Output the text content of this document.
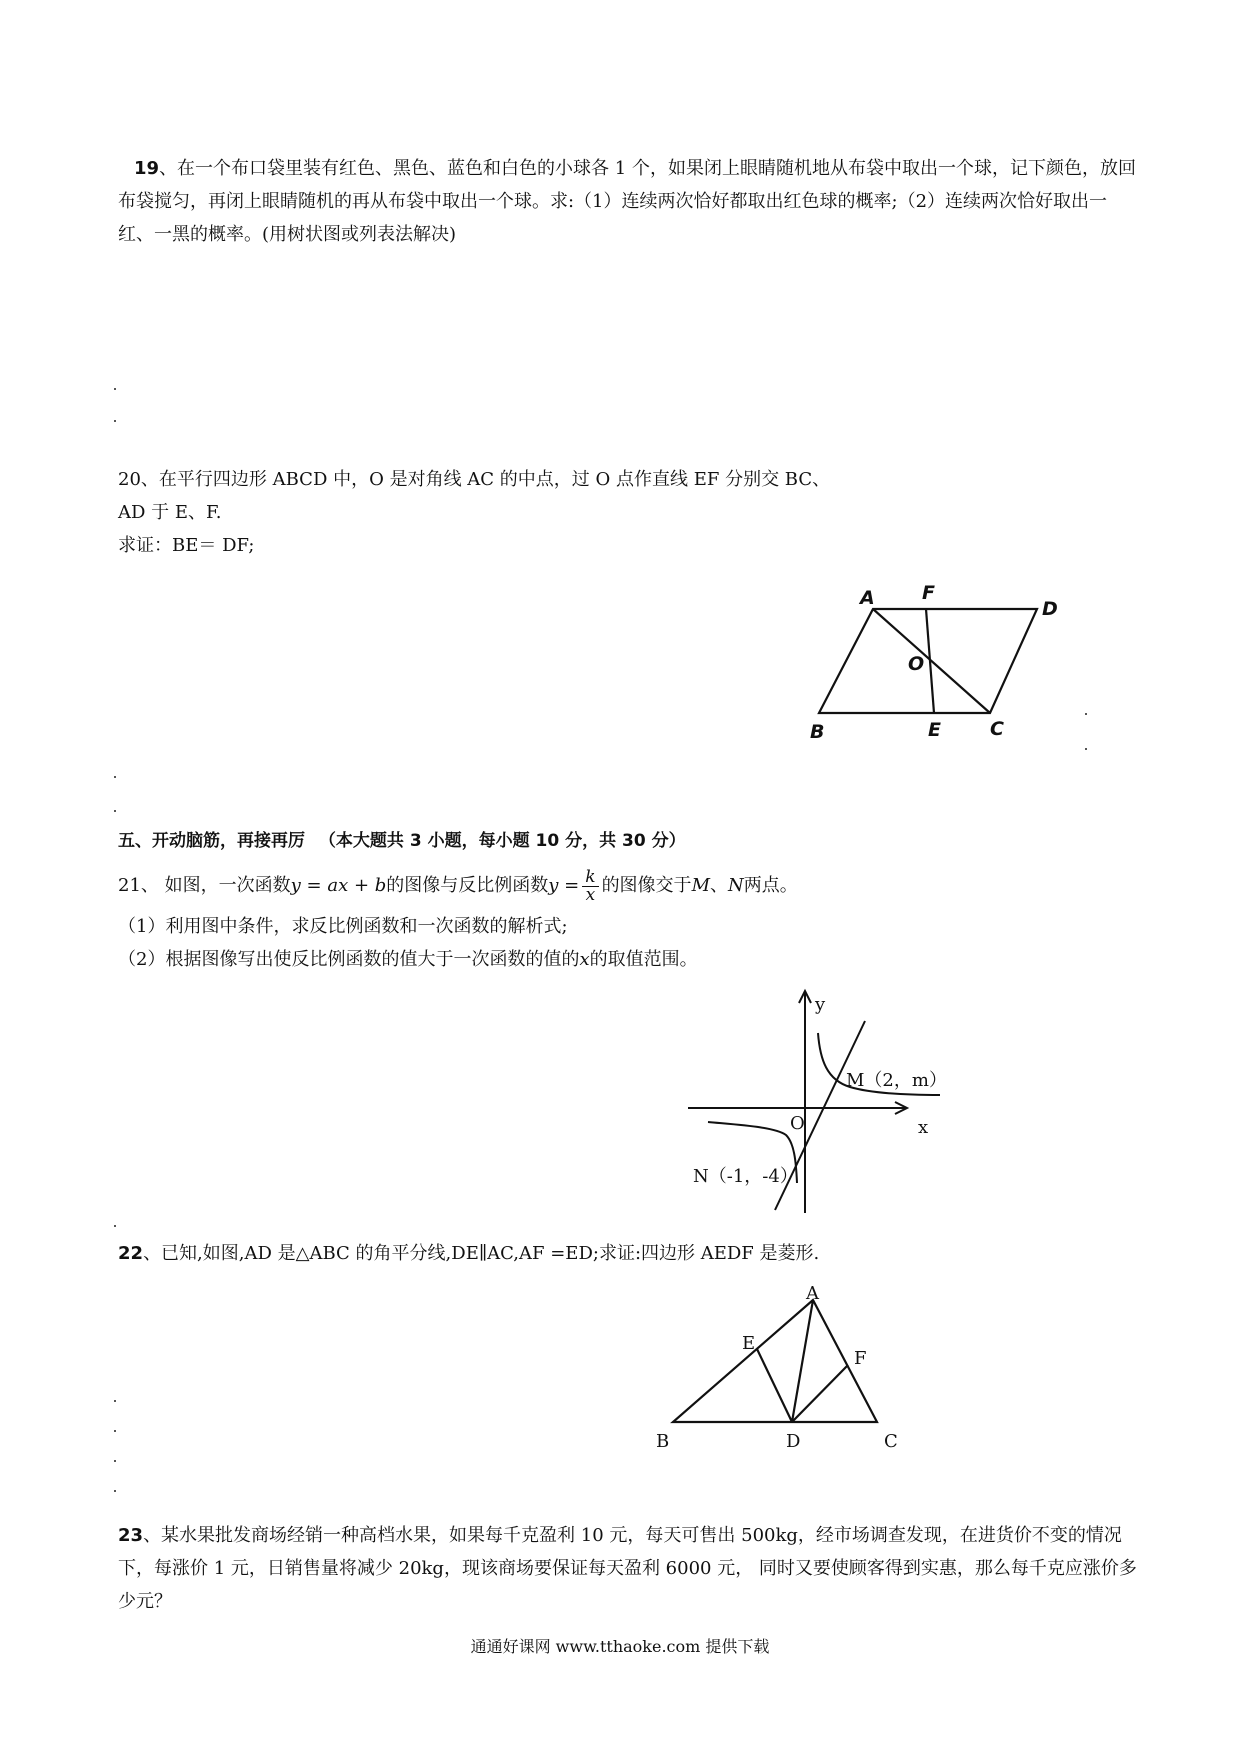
19、在一个布口袋里装有红色、黑色、蓝色和白色的小球各 1 个，如果闭上眼睛随机地从布袋中取出一个球，记下颜色，放回布袋搅匀，再闭上眼睛随机的再从布袋中取出一个球。求:（1）连续两次恰好都取出红色球的概率;（2）连续两次恰好取出一红、一黑的概率。(用树状图或列表法解决)

20、在平行四边形 ABCD 中，O 是对角线 AC 的中点，过 O 点作直线 EF 分别交 BC、

AD 于 E、F.

求证：BE＝ DF;

A F
D
O
B	E	C
五、开动脑筋，再接再厉 （本大题共 3 小题，每小题 10 分，共 30 分）

21、 如图，一次函数y = ax + b的图像与反比例函数$y = \frac{k}{x}$ 的图像交于M、N两点。

（1）利用图中条件，求反比例函数和一次函数的解析式;

（2）根据图像写出使反比例函数的值大于一次函数的值的x的取值范围。

y
x
O
M（2，m）
N（-1，-4）

22、已知,如图,AD 是△ABC 的角平分线,DE∥AC,AF =ED;求证:四边形 AEDF 是菱形.

A
E
F
B	D	C

23、某水果批发商场经销一种高档水果，如果每千克盈利 10 元，每天可售出 500kg，经市场调查发现，在进货价不变的情况下，每涨价 1 元，日销售量将减少 20kg，现该商场要保证每天盈利 6000 元， 同时又要使顾客得到实惠，那么每千克应涨价多少元？

通通好课网 www.tthaoke.com 提供下载
